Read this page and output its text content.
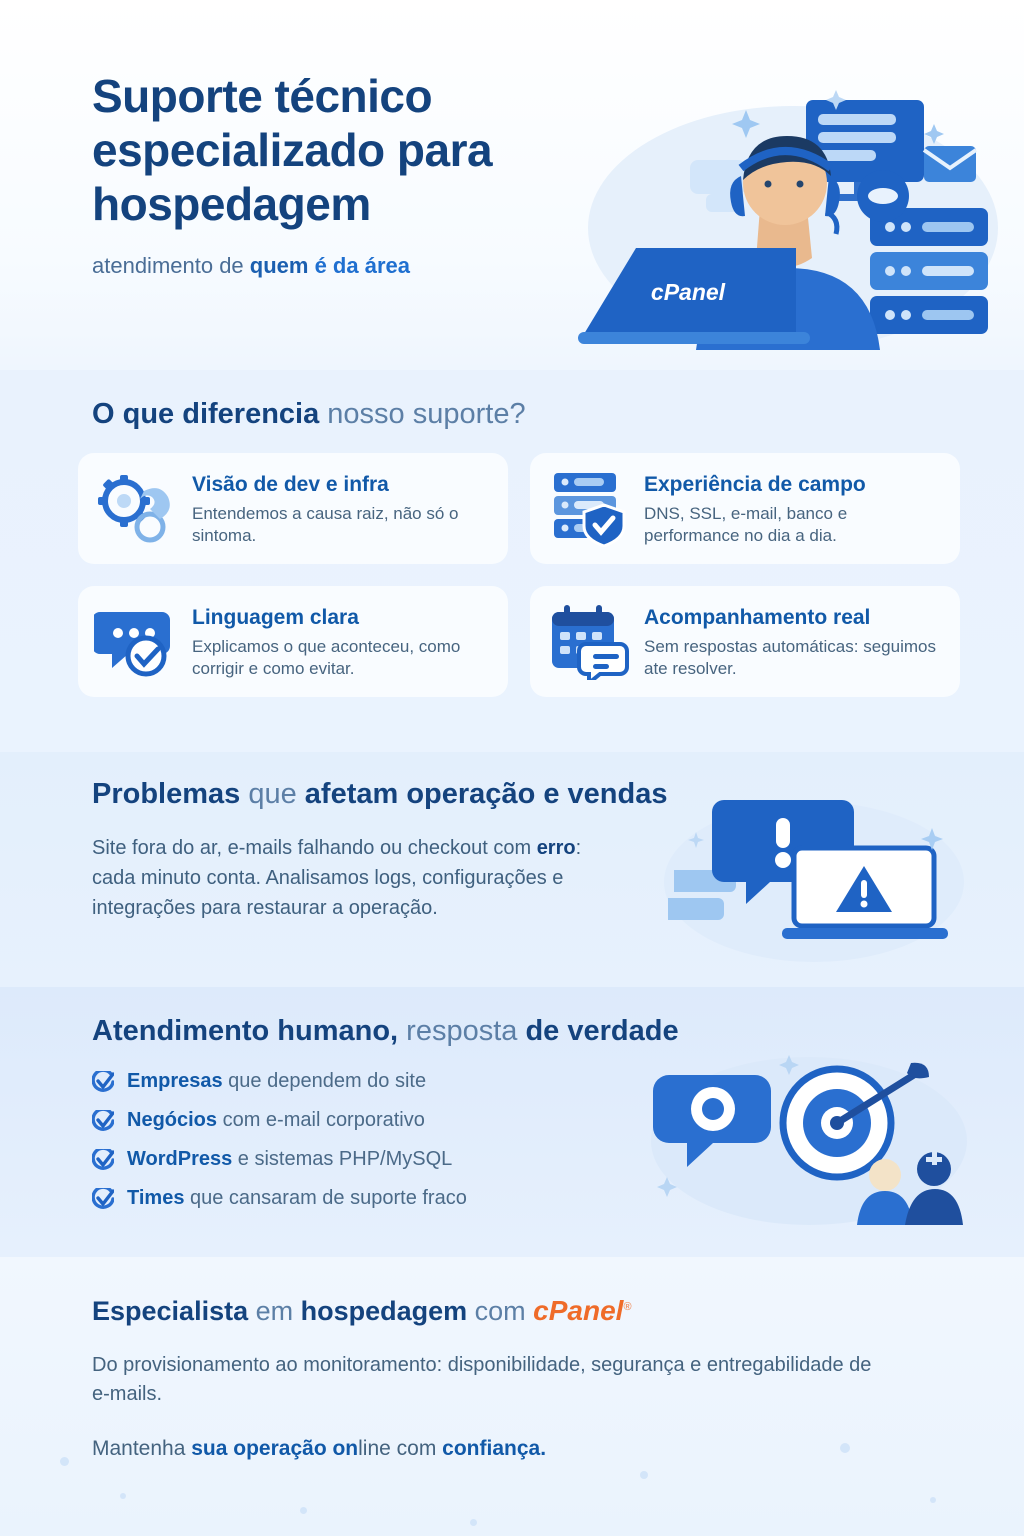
Suporte técnico
especializado para
hospedagem
atendimento de quem é da área
cPanel
O que diferencia nosso suporte?
Visão de dev e infra

Entendemos a causa raiz, não só o sintoma.

Experiência de campo

DNS, SSL, e-mail, banco e performance no dia a dia.

Linguagem clara

Explicamos o que aconteceu, como corrigir e como evitar.

Acompanhamento real

Sem respostas automáticas: seguimos ate resolver.

Problemas que afetam operação e vendas

Site fora do ar, e-mails falhando ou checkout com erro: cada minuto conta. Analisamos logs, configurações e integrações para restaurar a operação.

Atendimento humano, resposta de verdade
Empresas que dependem do site
Negócios com e-mail corporativo
WordPress e sistemas PHP/MySQL
Times que cansaram de suporte fraco
Especialista em hospedagem com cPanel®

Do provisionamento ao monitoramento: disponibilidade, segurança e entregabilidade de e-mails.

Mantenha sua operação online com confiança.
